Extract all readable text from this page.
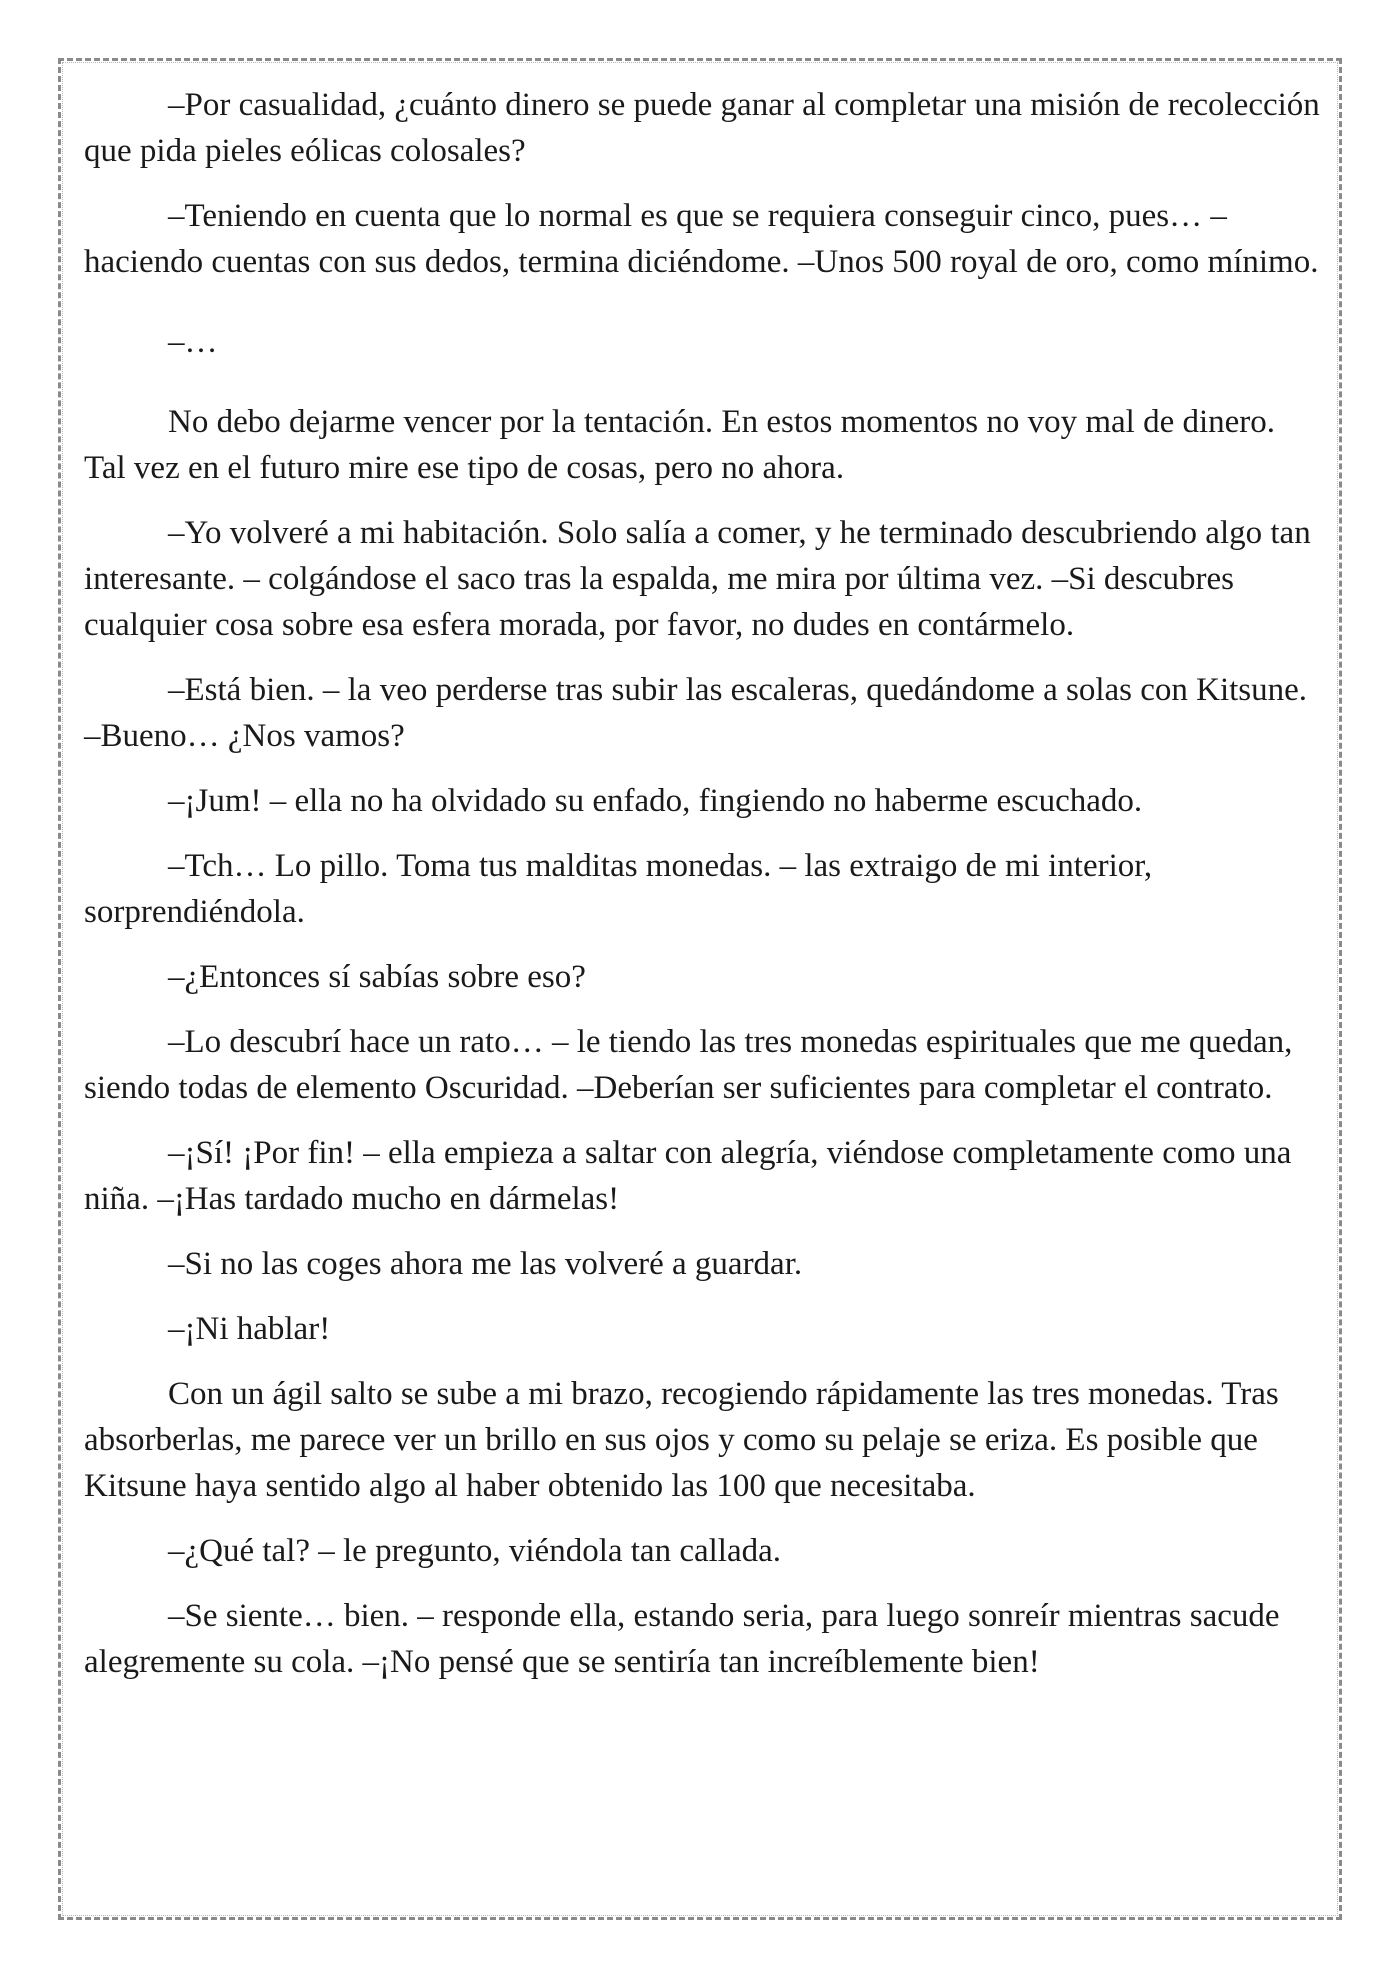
–Por casualidad, ¿cuánto dinero se puede ganar al completar una misión de recolección que pida pieles eólicas colosales?

–Teniendo en cuenta que lo normal es que se requiera conseguir cinco, pues… – haciendo cuentas con sus dedos, termina diciéndome. –Unos 500 royal de oro, como mínimo.

–…

No debo dejarme vencer por la tentación. En estos momentos no voy mal de dinero. Tal vez en el futuro mire ese tipo de cosas, pero no ahora.

–Yo volveré a mi habitación. Solo salía a comer, y he terminado descubriendo algo tan interesante. – colgándose el saco tras la espalda, me mira por última vez. –Si descubres cualquier cosa sobre esa esfera morada, por favor, no dudes en contármelo.

–Está bien. – la veo perderse tras subir las escaleras, quedándome a solas con Kitsune. –Bueno… ¿Nos vamos?

–¡Jum! – ella no ha olvidado su enfado, fingiendo no haberme escuchado.

–Tch… Lo pillo. Toma tus malditas monedas. – las extraigo de mi interior, sorprendiéndola.

–¿Entonces sí sabías sobre eso?

–Lo descubrí hace un rato… – le tiendo las tres monedas espirituales que me quedan, siendo todas de elemento Oscuridad. –Deberían ser suficientes para completar el contrato.

–¡Sí! ¡Por fin! – ella empieza a saltar con alegría, viéndose completamente como una niña. –¡Has tardado mucho en dármelas!

–Si no las coges ahora me las volveré a guardar.

–¡Ni hablar!

Con un ágil salto se sube a mi brazo, recogiendo rápidamente las tres monedas. Tras absorberlas, me parece ver un brillo en sus ojos y como su pelaje se eriza. Es posible que Kitsune haya sentido algo al haber obtenido las 100 que necesitaba.

–¿Qué tal? – le pregunto, viéndola tan callada.

–Se siente… bien. – responde ella, estando seria, para luego sonreír mientras sacude alegremente su cola. –¡No pensé que se sentiría tan increíblemente bien!
